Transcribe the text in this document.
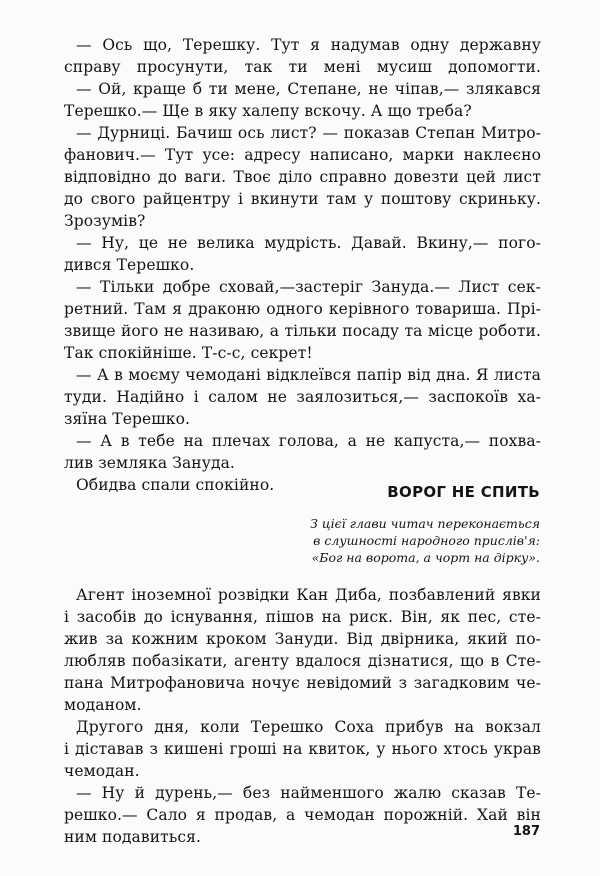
— Ось що, Терешку. Тут я надумав одну державну
справу просунути, так ти мені мусиш допомогти.
— Ой, краще б ти мене, Степане, не чіпав,— злякався
Терешко.— Ще в яку халепу вскочу. А що треба?
— Дурниці. Бачиш ось лист? — показав Степан Митро-
фанович.— Тут усе: адресу написано, марки наклеєно
відповідно до ваги. Твоє діло справно довезти цей лист
до свого райцентру і вкинути там у поштову скриньку.
Зрозумів?
— Ну, це не велика мудрість. Давай. Вкину,— пого-
дився Терешко.
— Тільки добре сховай,—застеріг Зануда.— Лист сек-
ретний. Там я драконю одного керівного товариша. Прі-
звище його не називаю, а тільки посаду та місце роботи.
Так спокійніше. Т-с-с, секрет!
— А в моєму чемодані відклеївся папір від дна. Я листа
туди. Надійно і салом не заялозиться,— заспокоїв ха-
зяїна Терешко.
— А в тебе на плечах голова, а не капуста,— похва-
лив земляка Зануда.
Обидва спали спокійно.	ВОРОГ НЕ СПИТЬ
З цієї глави читач переконається
в слушності народного прислів'я:
«Бог на ворота, а чорт на дірку».
Агент іноземної розвідки Кан Диба, позбавлений явки
і засобів до існування, пішов на риск. Він, як пес, сте-
жив за кожним кроком Зануди. Від двірника, який по-
любляв побазікати, агенту вдалося дізнатися, що в Сте-
пана Митрофановича ночує невідомий з загадковим че-
моданом.
Другого дня, коли Терешко Соха прибув на вокзал
і діставав з кишені гроші на квиток, у нього хтось украв
чемодан.
— Ну й дурень,— без найменшого жалю сказав Те-
решко.— Сало я продав, а чемодан порожній. Хай він
ним подавиться.	187
